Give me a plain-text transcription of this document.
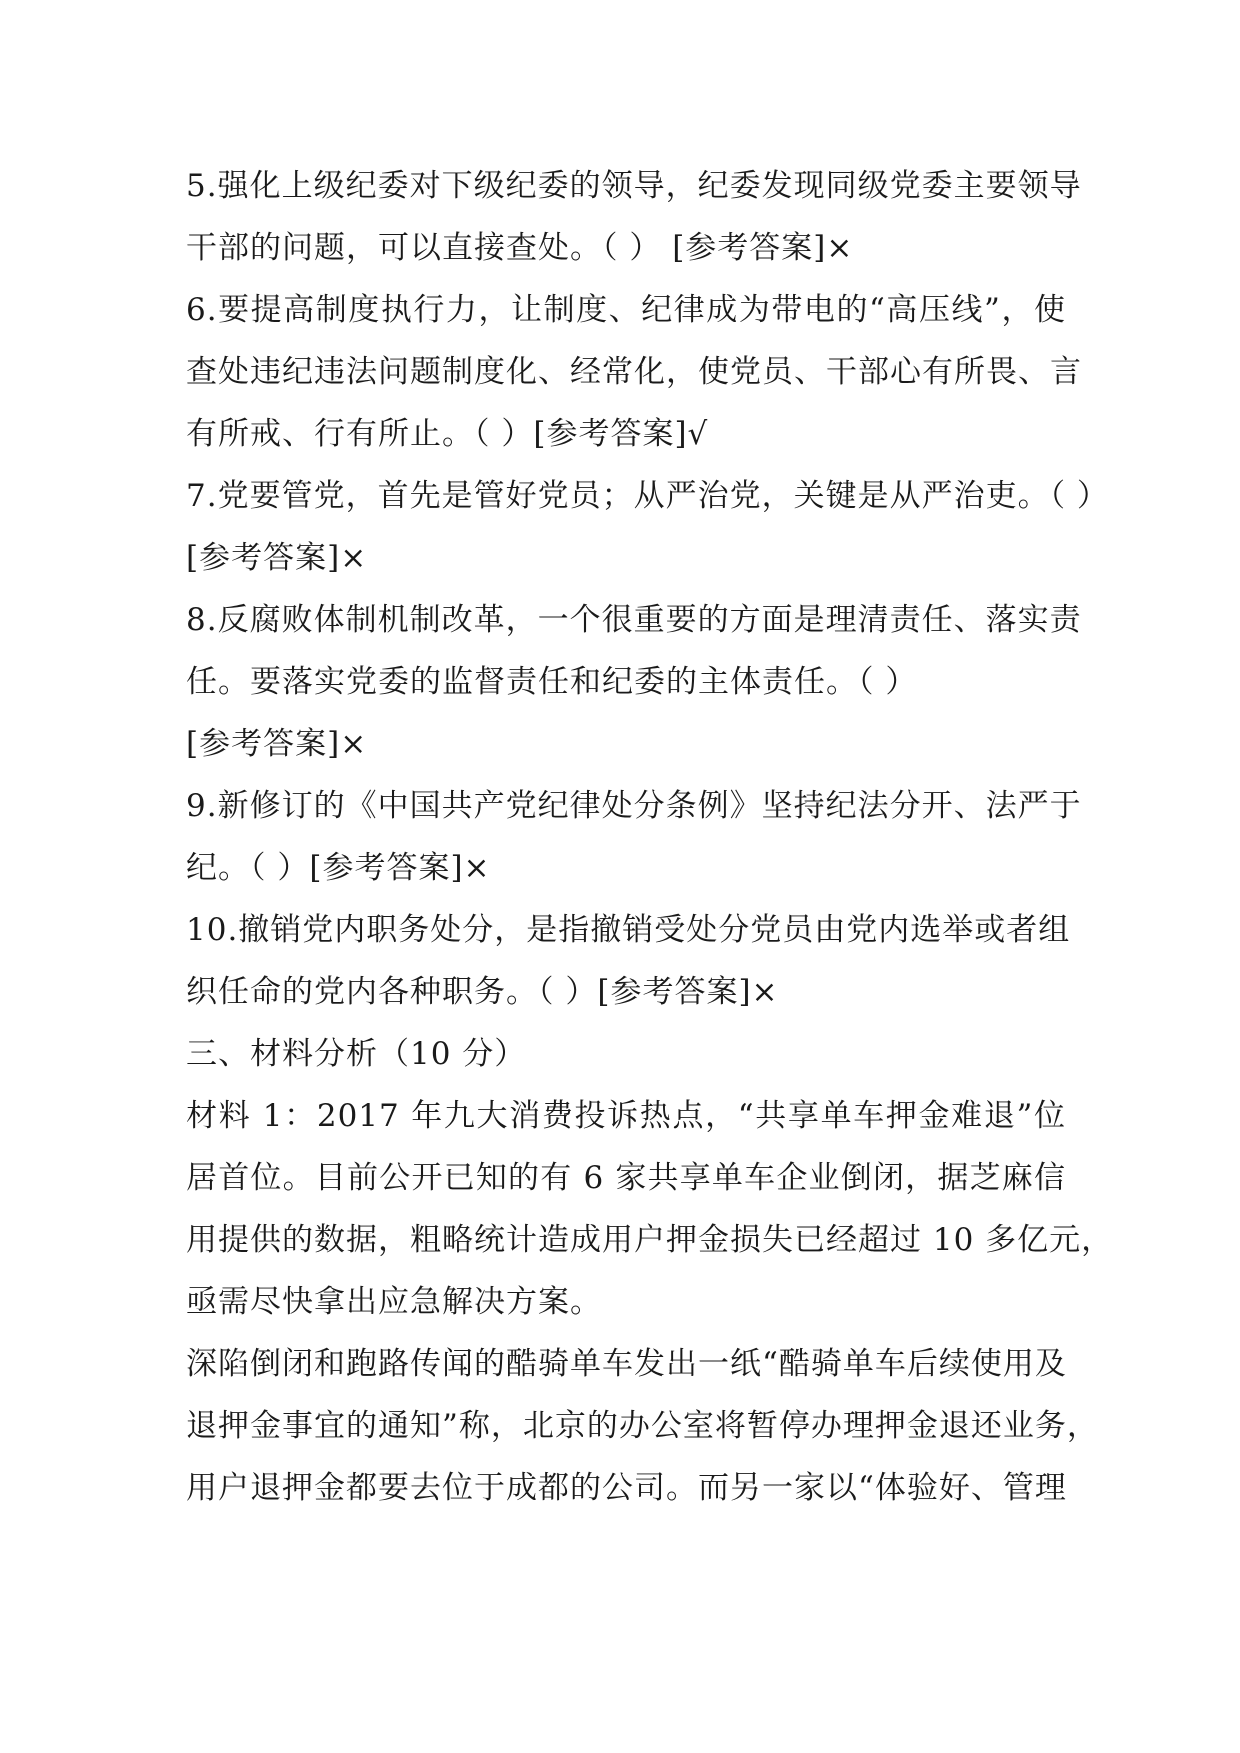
5.强化上级纪委对下级纪委的领导，纪委发现同级党委主要领导
干部的问题，可以直接查处。（ ） [参考答案]×
6.要提高制度执行力，让制度、纪律成为带电的“高压线”，使
查处违纪违法问题制度化、经常化，使党员、干部心有所畏、言
有所戒、行有所止。（ ）[参考答案]√
7.党要管党，首先是管好党员；从严治党，关键是从严治吏。（ ）
[参考答案]×
8.反腐败体制机制改革，一个很重要的方面是理清责任、落实责
任。要落实党委的监督责任和纪委的主体责任。（ ）
[参考答案]×
9.新修订的《中国共产党纪律处分条例》坚持纪法分开、法严于
纪。（ ）[参考答案]×
10.撤销党内职务处分，是指撤销受处分党员由党内选举或者组
织任命的党内各种职务。（ ）[参考答案]×
三、材料分析（10 分）
材料 1：2017 年九大消费投诉热点，“共享单车押金难退”位
居首位。目前公开已知的有 6 家共享单车企业倒闭，据芝麻信
用提供的数据，粗略统计造成用户押金损失已经超过 10 多亿元，
亟需尽快拿出应急解决方案。
深陷倒闭和跑路传闻的酷骑单车发出一纸“酷骑单车后续使用及
退押金事宜的通知”称，北京的办公室将暂停办理押金退还业务，
用户退押金都要去位于成都的公司。而另一家以“体验好、管理
